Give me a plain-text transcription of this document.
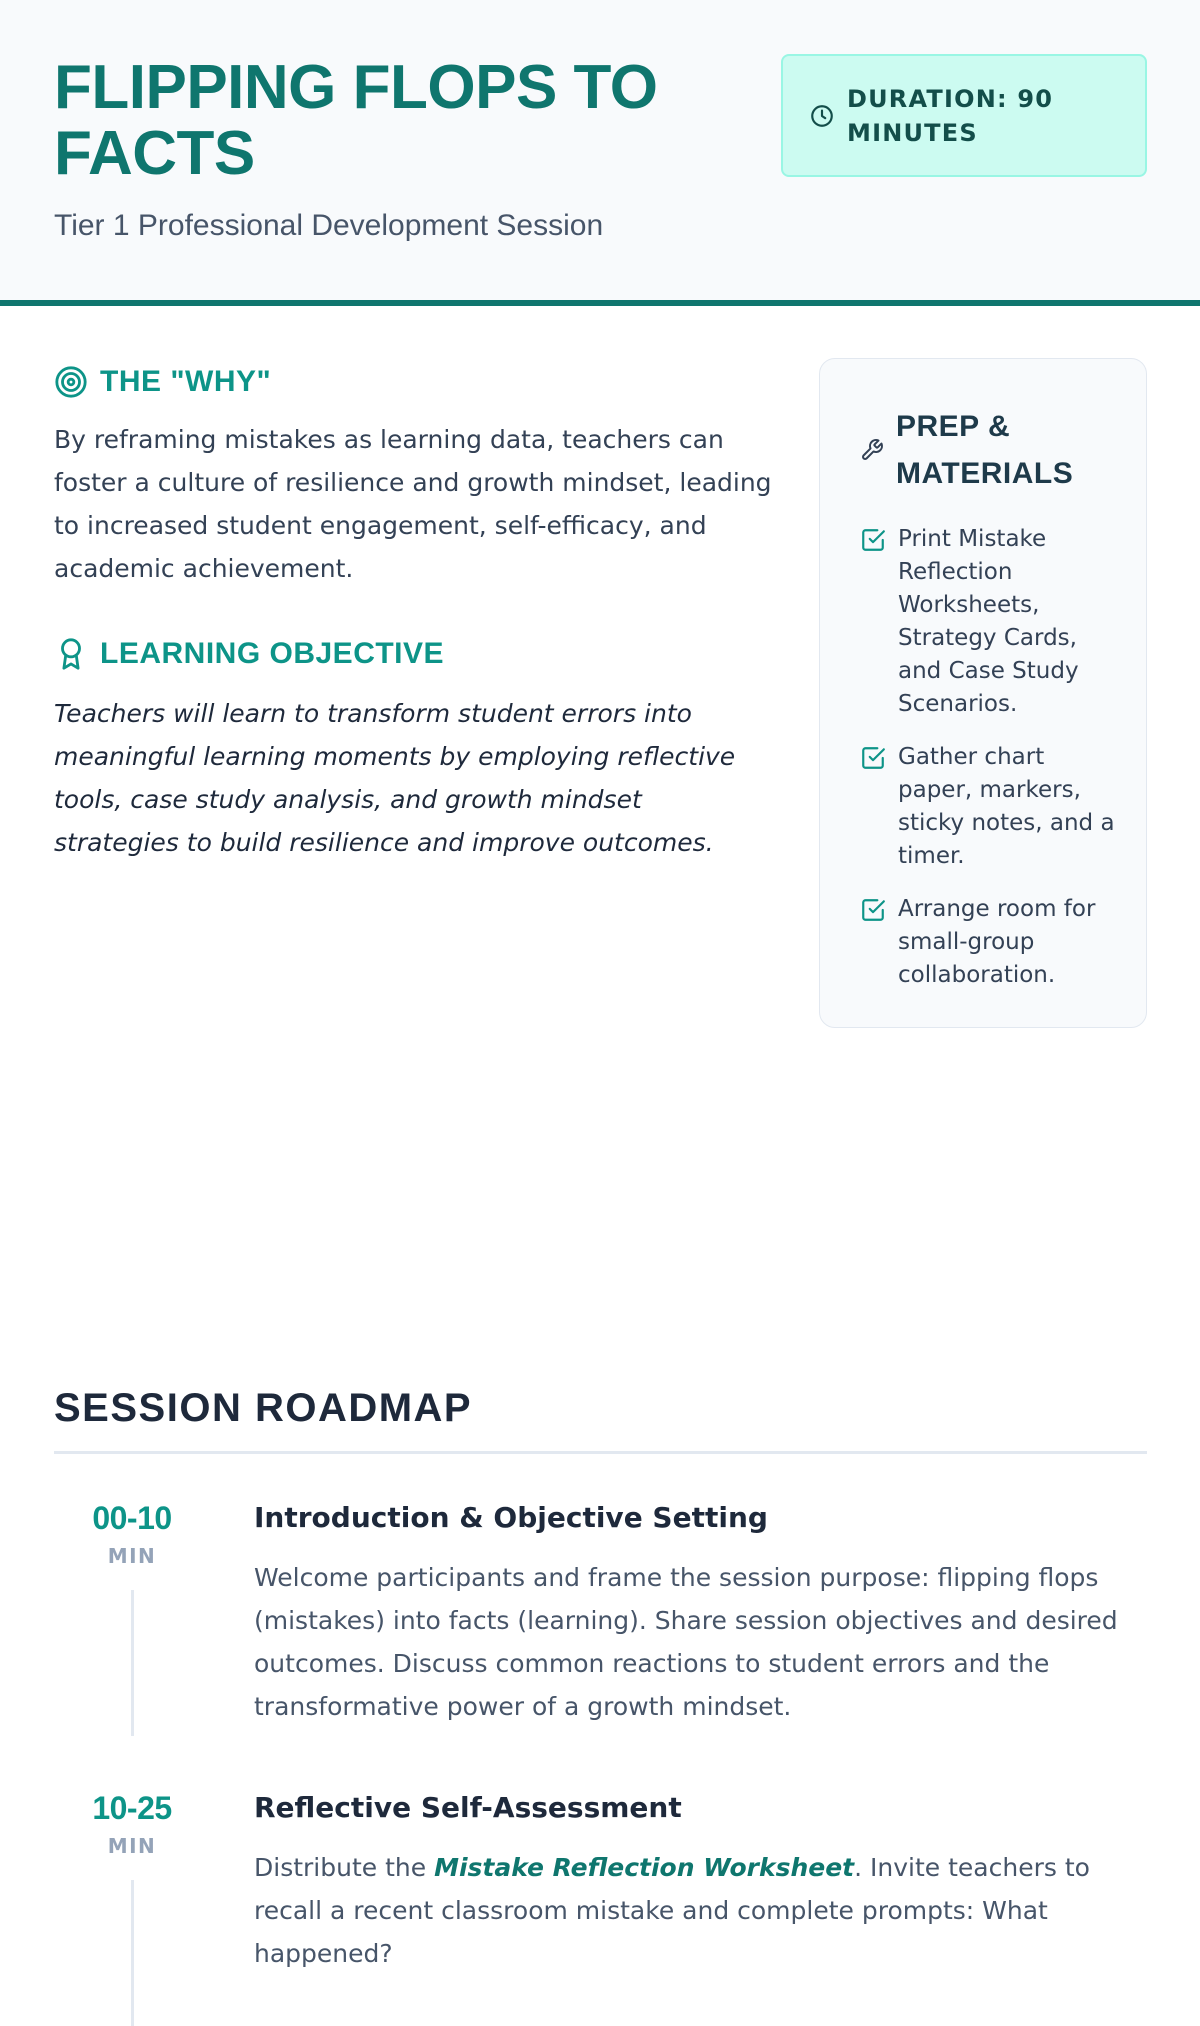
FLIPPING FLOPS TO FACTS
Tier 1 Professional Development Session
DURATION: 90 MINUTES
THE "WHY"

By reframing mistakes as learning data, teachers can foster a culture of resilience and growth mindset, leading to increased student engagement, self-efficacy, and academic achievement.

LEARNING OBJECTIVE

Teachers will learn to transform student errors into meaningful learning moments by employing reflective tools, case study analysis, and growth mindset strategies to build resilience and improve outcomes.

PREP & MATERIALS
Print Mistake Reflection Worksheets, Strategy Cards, and Case Study Scenarios.
Gather chart paper, markers, sticky notes, and a timer.
Arrange room for small-group collaboration.
SESSION ROADMAP
00-10
MIN
Introduction & Objective Setting

Welcome participants and frame the session purpose: flipping flops (mistakes) into facts (learning). Share session objectives and desired outcomes. Discuss common reactions to student errors and the transformative power of a growth mindset.

10-25
MIN
Reflective Self-Assessment

Distribute the Mistake Reflection Worksheet. Invite teachers to recall a recent classroom mistake and complete prompts: What happened?
